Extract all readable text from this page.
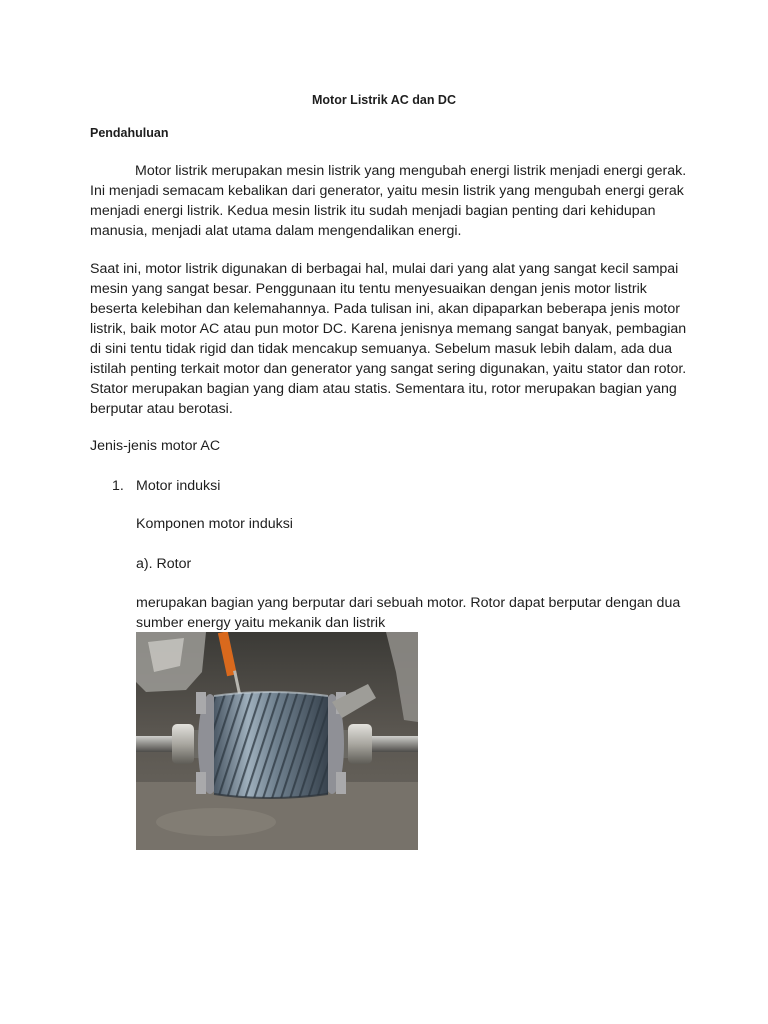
Motor Listrik AC dan DC
Pendahuluan

Motor listrik merupakan mesin listrik yang mengubah energi listrik menjadi energi gerak. Ini menjadi semacam kebalikan dari generator, yaitu mesin listrik yang mengubah energi gerak menjadi energi listrik. Kedua mesin listrik itu sudah menjadi bagian penting dari kehidupan manusia, menjadi alat utama dalam mengendalikan energi.

Saat ini, motor listrik digunakan di berbagai hal, mulai dari yang alat yang sangat kecil sampai mesin yang sangat besar. Penggunaan itu tentu menyesuaikan dengan jenis motor listrik beserta kelebihan dan kelemahannya. Pada tulisan ini, akan dipaparkan beberapa jenis motor listrik, baik motor AC atau pun motor DC. Karena jenisnya memang sangat banyak, pembagian di sini tentu tidak rigid dan tidak mencakup semuanya. Sebelum masuk lebih dalam, ada dua istilah penting terkait motor dan generator yang sangat sering digunakan, yaitu stator dan rotor. Stator merupakan bagian yang diam atau statis. Sementara itu, rotor merupakan bagian yang berputar atau berotasi.

Jenis-jenis motor AC
1. Motor induksi
Komponen motor induksi
a). Rotor

merupakan bagian yang berputar dari sebuah motor. Rotor dapat berputar dengan dua sumber energy yaitu mekanik dan listrik
